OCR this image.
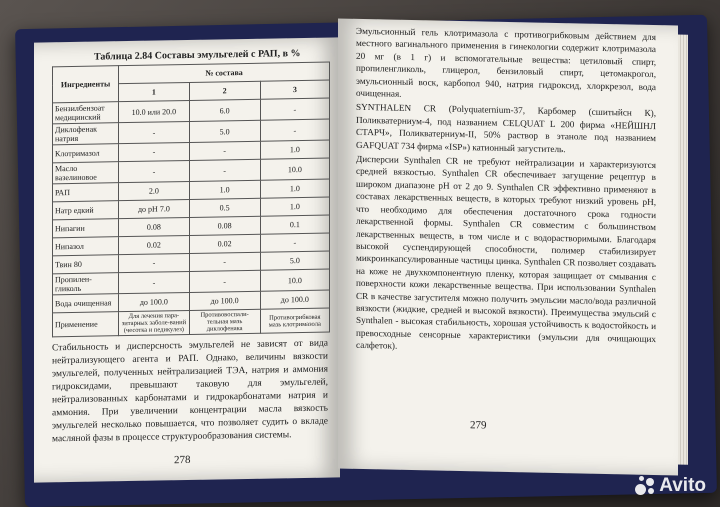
Таблица 2.84 Составы эмульгелей с РАП, в %
Ингредиенты	№ состава		
	1	2	3
Бензилбензоат медицинский	10.0 или 20.0	6.0	-
Диклофенак натрия	-	5.0	-
Клотримазол	-	-	1.0
Масло вазелиновое	-	-	10.0
РАП	2.0	1.0	1.0
Натр едкий	до pH 7.0	0.5	1.0
Нипагин	0.08	0.08	0.1
Нипазол	0.02	0.02	-
Твин 80	-	-	5.0
Пропилен-гликоль	-	-	10.0
Вода очищенная	до 100.0	до 100.0	до 100.0
Применение	Для лечения пара-зитарных заболе-ваний (чесотка и педикулез)	Противовоспали-тельная мазь диклофенака	Противогрибковая мазь клотримазола
Стабильность и дисперсность эмульгелей не зависят от вида нейтрализующего агента и РАП. Однако, величины вязкости эмульгелей, полученных нейтрализацией ТЭА, натрия и аммония гидроксидами, превышают таковую для эмульгелей, нейтрализованных карбонатами и гидрокарбонатами натрия и аммония. При увеличении концентрации масла вязкость эмульгелей несколько повышается, что позволяет судить о вкладе масляной фазы в процессе структурообразования системы.
278

Эмульсионный гель клотримазола с противогрибковым действием для местного вагинального применения в гинекологии содержит клотримазола 20 мг (в 1 г) и вспомогательные вещества: цетиловый спирт, пропиленгликоль, глицерол, бензиловый спирт, цетомакрогол, эмульсионный воск, карбопол 940, натрия гидроксид, хлоркрезол, вода очищенная.

SYNTHALEN CR (Polyquaternium-37, Карбомер (сшитыйсн К), Поликватерниум-4, под названием CELQUAT L 200 фирма «НЕЙШНЛ СТАРЧ», Поликватерниум-II, 50% раствор в этаноле под названием GAFQUAT 734 фирма «ISP») катионный загуститель.

Дисперсии Synthalen CR не требуют нейтрализации и характеризуются средней вязкостью. Synthalen CR обеспечивает загущение рецептур в широком диапазоне pH от 2 до 9. Synthalen CR эффективно применяют в составах лекарственных веществ, в которых требуют низкий уровень pH, что необходимо для обеспечения достаточного срока годности лекарственной формы. Synthalen CR совместим с большинством лекарственных веществ, в том числе и с водорастворимыми. Благодаря высокой суспендирующей способности, полимер стабилизирует микроинкапсулированные частицы цинка. Synthalen CR позволяет создавать на коже не двухкомпонентную пленку, которая защищает от смывания с поверхности кожи лекарственные вещества. При использовании Synthalen CR в качестве загустителя можно получить эмульсии масло/вода различной вязкости (жидкие, средней и высокой вязкости). Преимущества эмульсий с Synthalen - высокая стабильность, хорошая устойчивость к водостойкость и превосходные сенсорные характеристики (эмульсии для очищающих салфеток).

279
Avito
